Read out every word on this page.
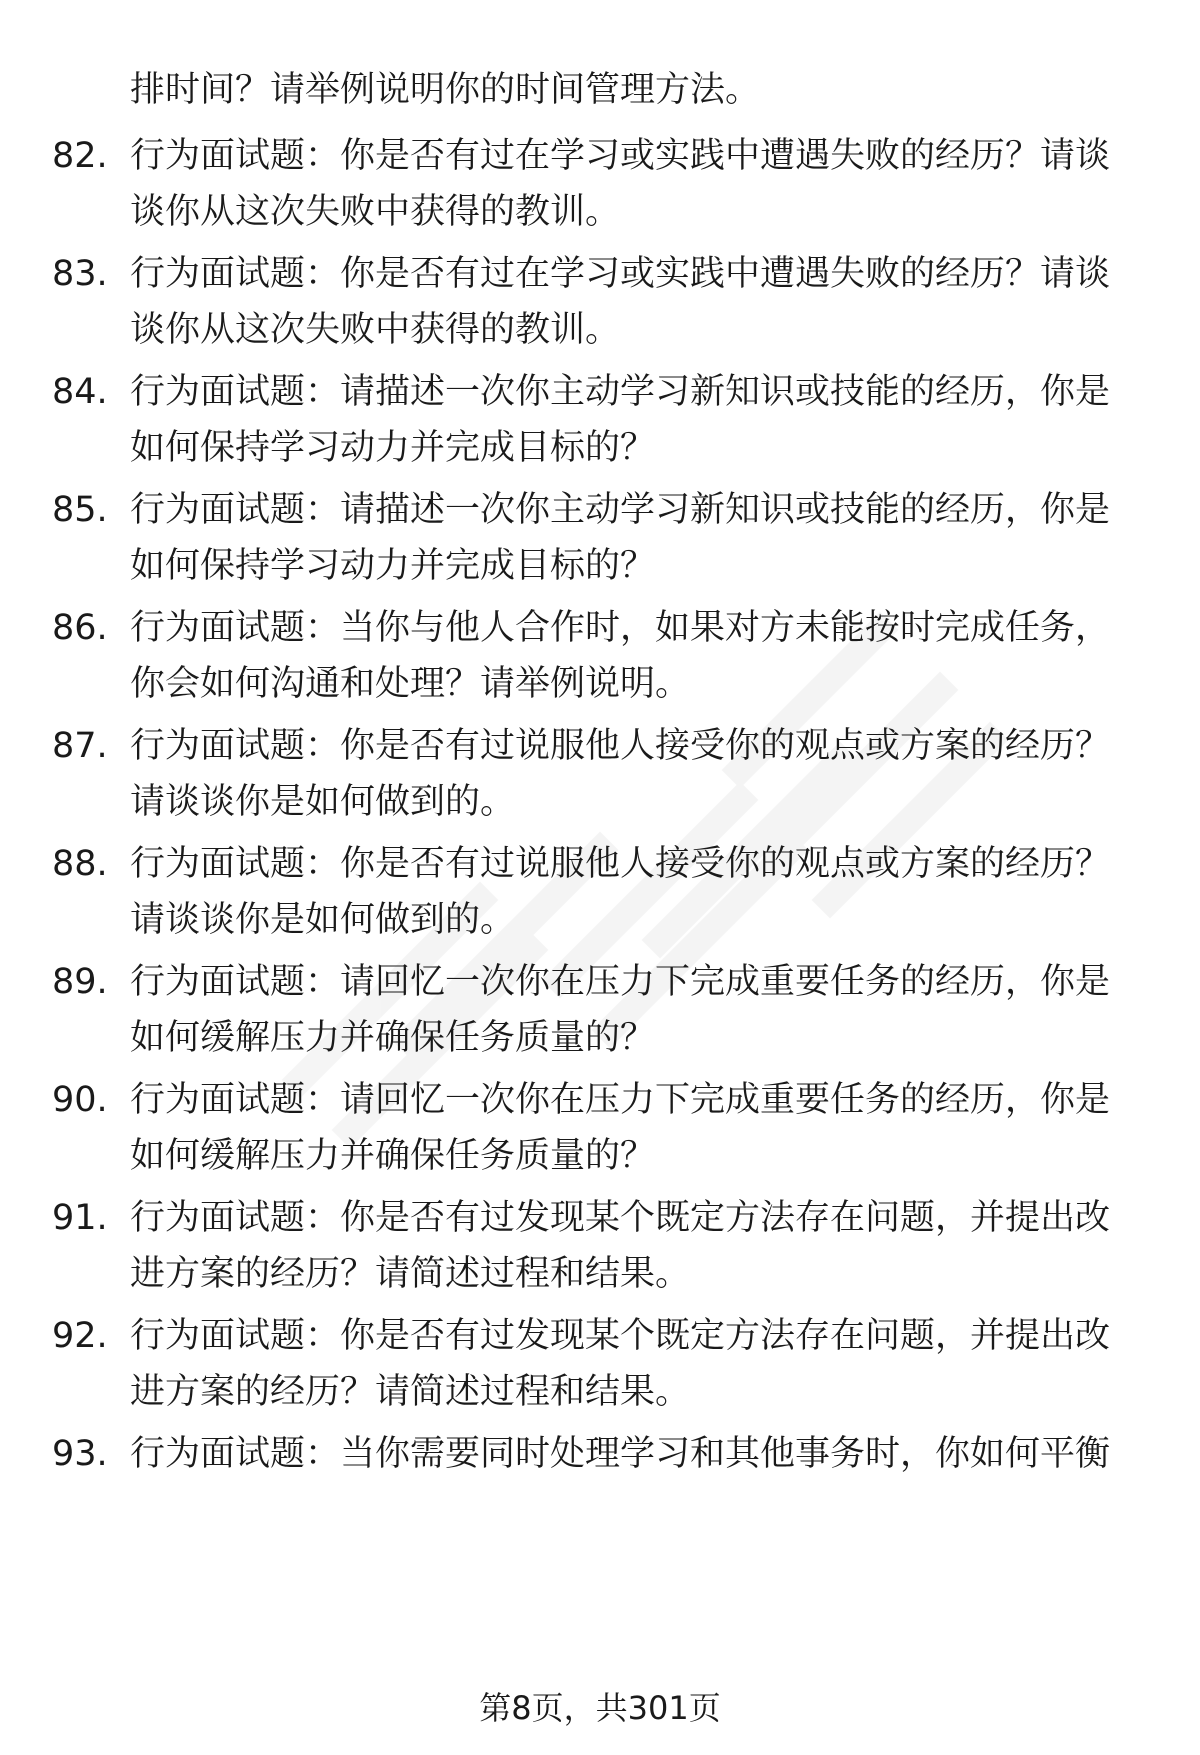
排时间？请举例说明你的时间管理方法。
82. 行为面试题：你是否有过在学习或实践中遭遇失败的经历？请谈谈你从这次失败中获得的教训。
83. 行为面试题：你是否有过在学习或实践中遭遇失败的经历？请谈谈你从这次失败中获得的教训。
84. 行为面试题：请描述一次你主动学习新知识或技能的经历，你是如何保持学习动力并完成目标的？
85. 行为面试题：请描述一次你主动学习新知识或技能的经历，你是如何保持学习动力并完成目标的？
86. 行为面试题：当你与他人合作时，如果对方未能按时完成任务，你会如何沟通和处理？请举例说明。
87. 行为面试题：你是否有过说服他人接受你的观点或方案的经历？请谈谈你是如何做到的。
88. 行为面试题：你是否有过说服他人接受你的观点或方案的经历？请谈谈你是如何做到的。
89. 行为面试题：请回忆一次你在压力下完成重要任务的经历，你是如何缓解压力并确保任务质量的？
90. 行为面试题：请回忆一次你在压力下完成重要任务的经历，你是如何缓解压力并确保任务质量的？
91. 行为面试题：你是否有过发现某个既定方法存在问题，并提出改进方案的经历？请简述过程和结果。
92. 行为面试题：你是否有过发现某个既定方法存在问题，并提出改进方案的经历？请简述过程和结果。
93. 行为面试题：当你需要同时处理学习和其他事务时，你如何平衡
第8页，共301页
